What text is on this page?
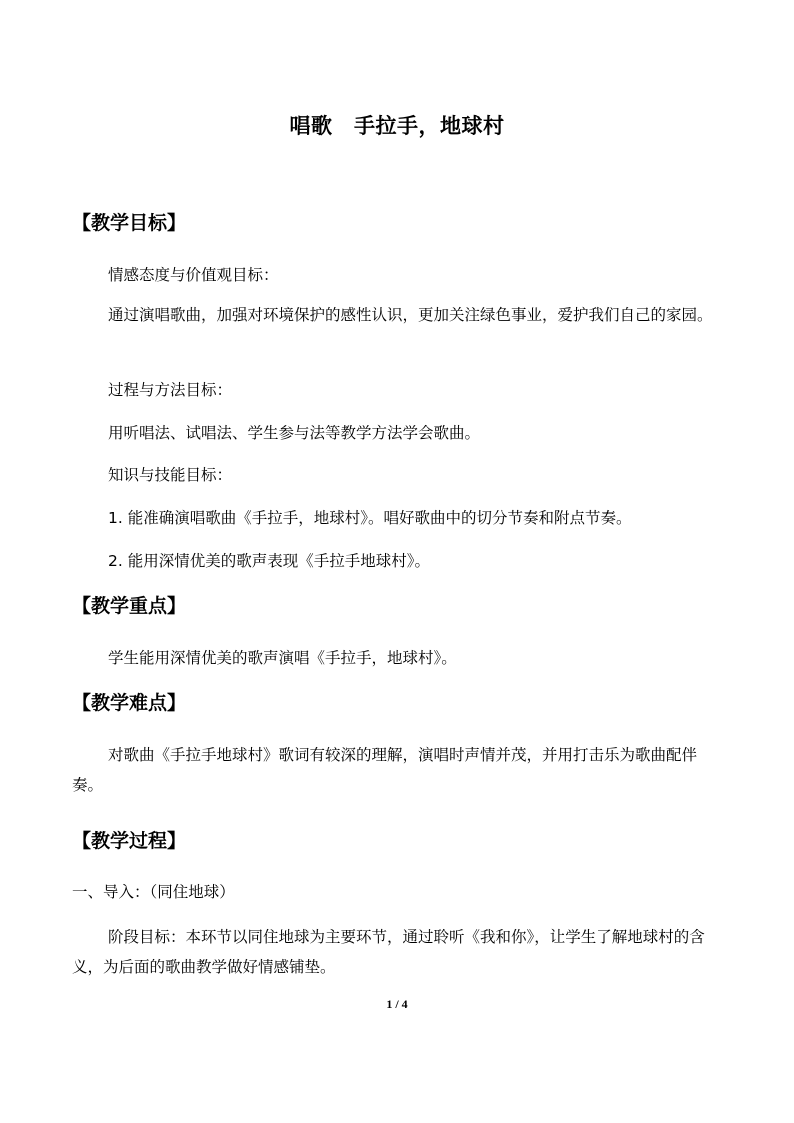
唱歌　手拉手，地球村
【教学目标】
情感态度与价值观目标：
通过演唱歌曲，加强对环境保护的感性认识，更加关注绿色事业，爱护我们自己的家园。
过程与方法目标：
用听唱法、试唱法、学生参与法等教学方法学会歌曲。
知识与技能目标：
1. 能准确演唱歌曲《手拉手，地球村》。唱好歌曲中的切分节奏和附点节奏。
2. 能用深情优美的歌声表现《手拉手地球村》。
【教学重点】
学生能用深情优美的歌声演唱《手拉手，地球村》。
【教学难点】
对歌曲《手拉手地球村》歌词有较深的理解，演唱时声情并茂，并用打击乐为歌曲配伴奏。
【教学过程】
一、导入：（同住地球）
阶段目标：本环节以同住地球为主要环节，通过聆听《我和你》，让学生了解地球村的含义，为后面的歌曲教学做好情感铺垫。
1 / 4
